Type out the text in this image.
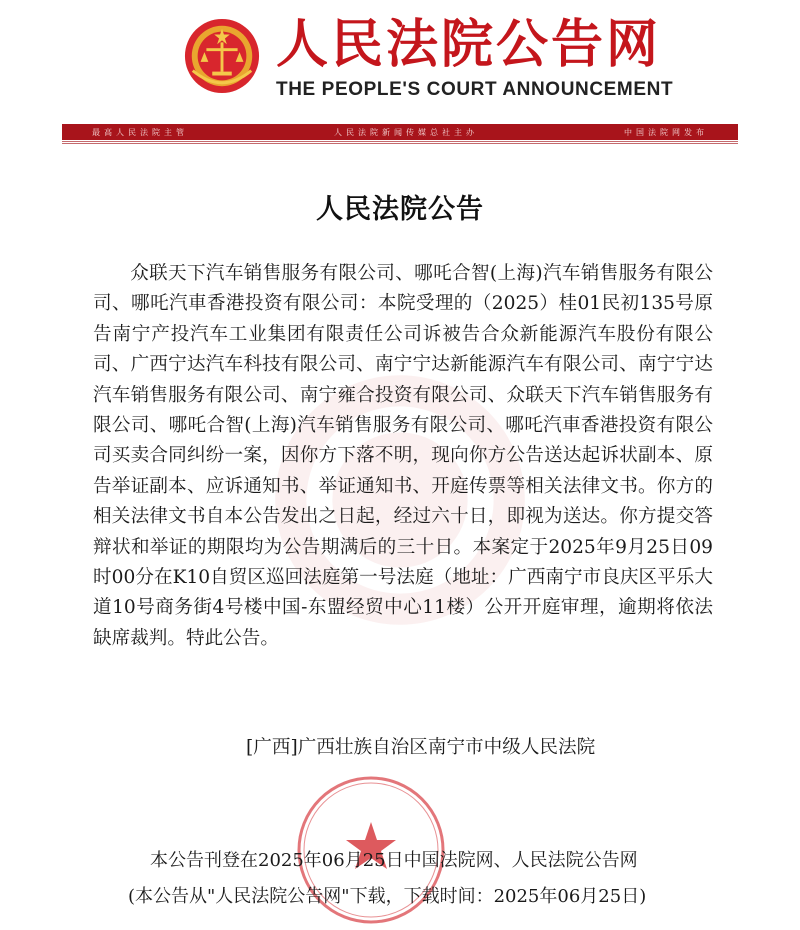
人民法院公告网
THE PEOPLE'S COURT ANNOUNCEMENT
最高人民法院主管	人民法院新闻传媒总社主办	中国法院网发布
人民法院公告

众联天下汽车销售服务有限公司、哪吒合智(上海)汽车销售服务有限公司、哪吒汽車香港投资有限公司：本院受理的（2025）桂01民初135号原告南宁产投汽车工业集团有限责任公司诉被告合众新能源汽车股份有限公司、广西宁达汽车科技有限公司、南宁宁达新能源汽车有限公司、南宁宁达汽车销售服务有限公司、南宁雍合投资有限公司、众联天下汽车销售服务有限公司、哪吒合智(上海)汽车销售服务有限公司、哪吒汽車香港投资有限公司买卖合同纠纷一案，因你方下落不明，现向你方公告送达起诉状副本、原告举证副本、应诉通知书、举证通知书、开庭传票等相关法律文书。你方的相关法律文书自本公告发出之日起，经过六十日，即视为送达。你方提交答辩状和举证的期限均为公告期满后的三十日。本案定于2025年9月25日09时00分在K10自贸区巡回法庭第一号法庭（地址：广西南宁市良庆区平乐大道10号商务街4号楼中国-东盟经贸中心11楼）公开开庭审理，逾期将依法缺席裁判。特此公告。

[广西]广西壮族自治区南宁市中级人民法院
本公告刊登在2025年06月25日中国法院网、人民法院公告网
(本公告从"人民法院公告网"下载，下载时间：2025年06月25日)
